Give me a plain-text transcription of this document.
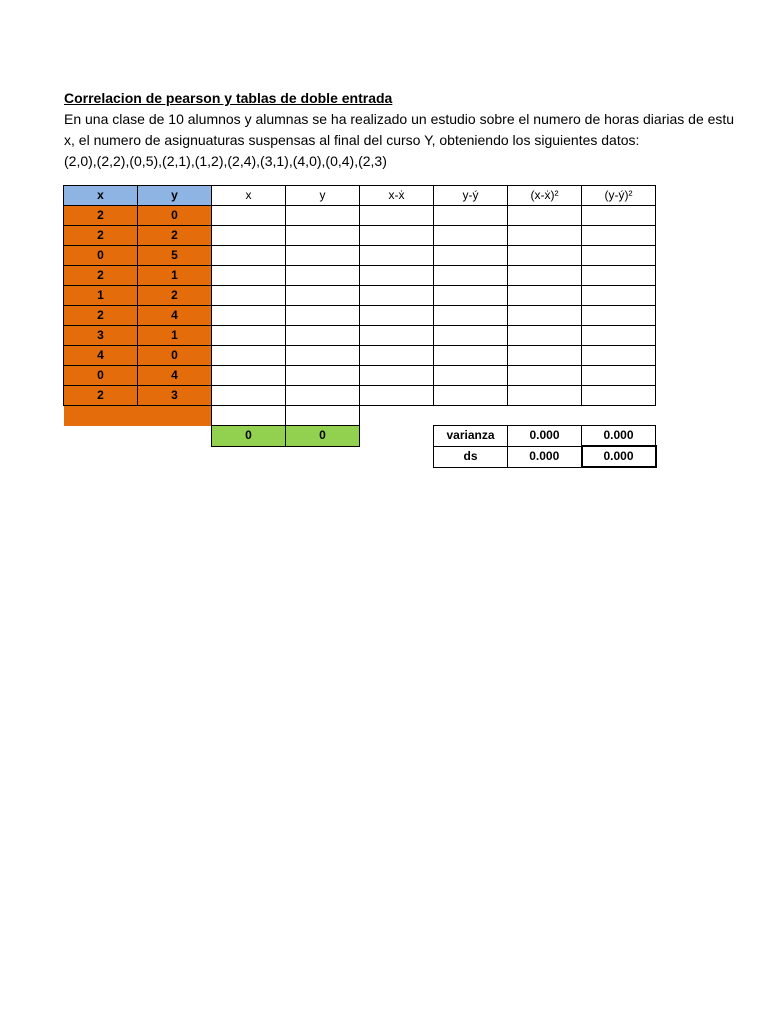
Correlacion de pearson y tablas de doble entrada
En una clase de 10 alumnos y alumnas se ha realizado un estudio sobre el numero de horas diarias de estu
x, el numero de asignuaturas suspensas al final del curso Y, obteniendo los siguientes datos:
(2,0),(2,2),(0,5),(2,1),(1,2),(2,4),(3,1),(4,0),(0,4),(2,3)
x	y	x	y	x-ẋ	y-ý	(x-ẋ)²	(y-ý)²
2	0						
2	2						
0	5						
2	1						
1	2						
2	4						
3	1						
4	0						
0	4						
2	3						

		0	0		varianza	0.000	0.000
					ds	0.000	0.000
